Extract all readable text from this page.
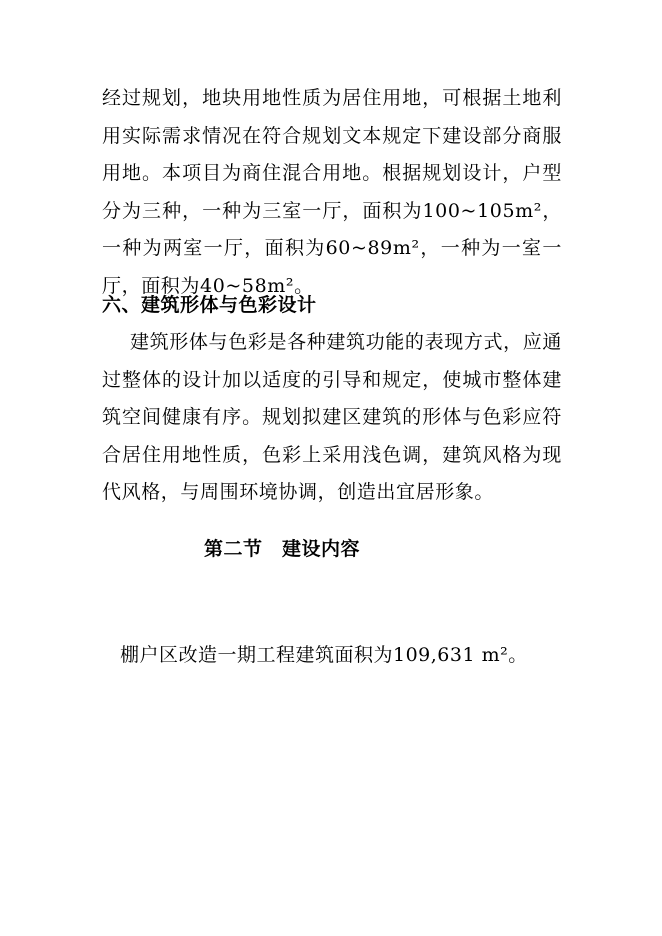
经过规划，地块用地性质为居住用地，可根据土地利用实际需求情况在符合规划文本规定下建设部分商服用地。本项目为商住混合用地。根据规划设计，户型分为三种，一种为三室一厅，面积为100~105m²，一种为两室一厅，面积为60~89m²，一种为一室一厅，面积为40~58m²。

六、建筑形体与色彩设计

建筑形体与色彩是各种建筑功能的表现方式，应通过整体的设计加以适度的引导和规定，使城市整体建筑空间健康有序。规划拟建区建筑的形体与色彩应符合居住用地性质，色彩上采用浅色调，建筑风格为现代风格，与周围环境协调，创造出宜居形象。

第二节　建设内容

棚户区改造一期工程建筑面积为109,631 m²。
